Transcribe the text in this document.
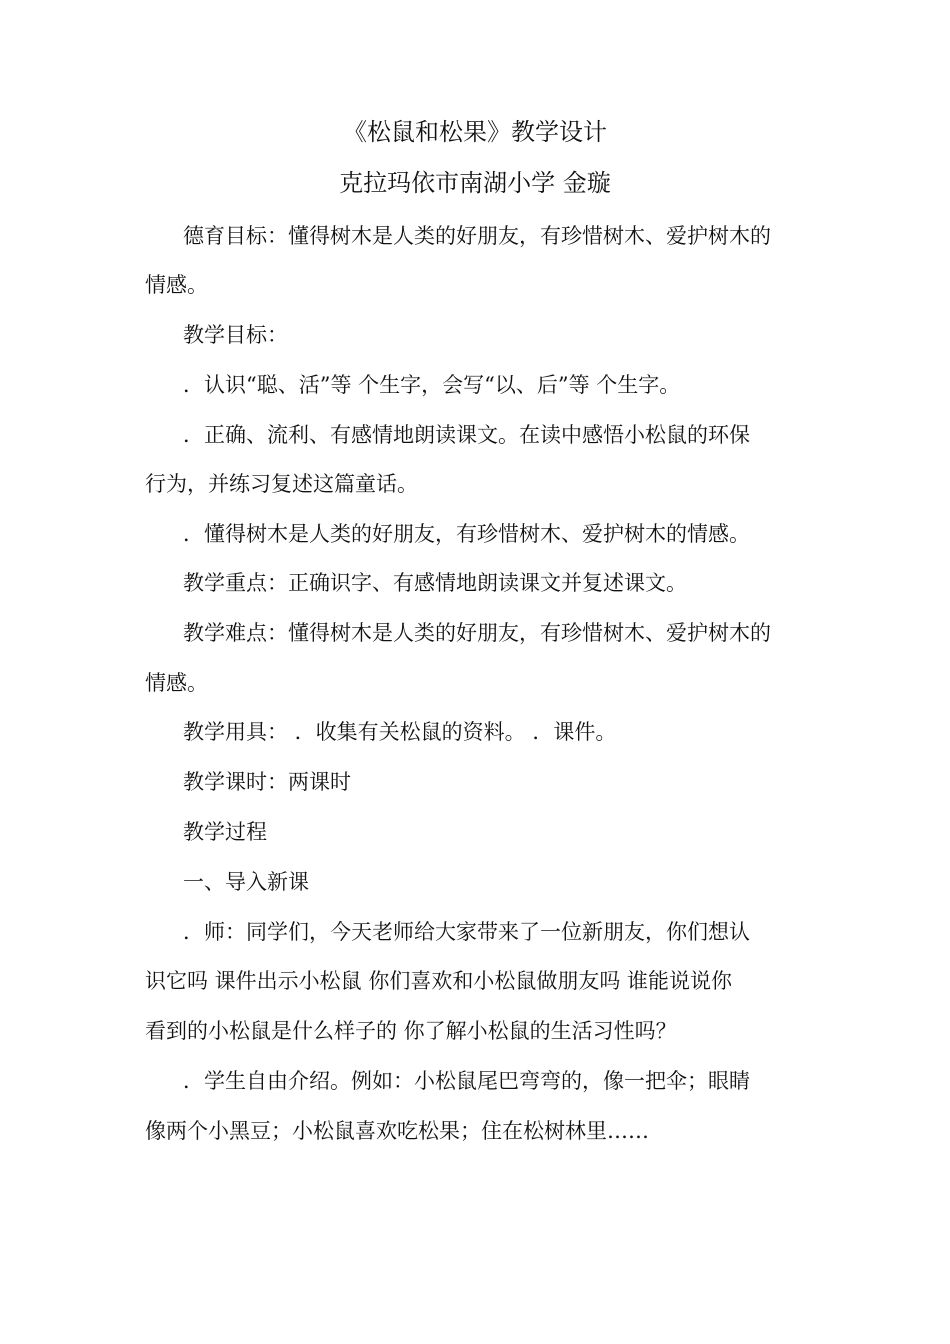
《松鼠和松果》教学设计
克拉玛依市南湖小学 金璇
德育目标：懂得树木是人类的好朋友，有珍惜树木、爱护树木的
情感。
教学目标：
．认识“聪、活”等 个生字，会写“以、后”等 个生字。
．正确、流利、有感情地朗读课文。在读中感悟小松鼠的环保
行为，并练习复述这篇童话。
．懂得树木是人类的好朋友，有珍惜树木、爱护树木的情感。
教学重点：正确识字、有感情地朗读课文并复述课文。
教学难点：懂得树木是人类的好朋友，有珍惜树木、爱护树木的
情感。
教学用具： ．收集有关松鼠的资料。 ．课件。
教学课时：两课时
教学过程
一、导入新课
．师：同学们，今天老师给大家带来了一位新朋友，你们想认
识它吗 课件出示小松鼠 你们喜欢和小松鼠做朋友吗 谁能说说你
看到的小松鼠是什么样子的 你了解小松鼠的生活习性吗？
．学生自由介绍。例如：小松鼠尾巴弯弯的，像一把伞；眼睛
像两个小黑豆；小松鼠喜欢吃松果；住在松树林里……
